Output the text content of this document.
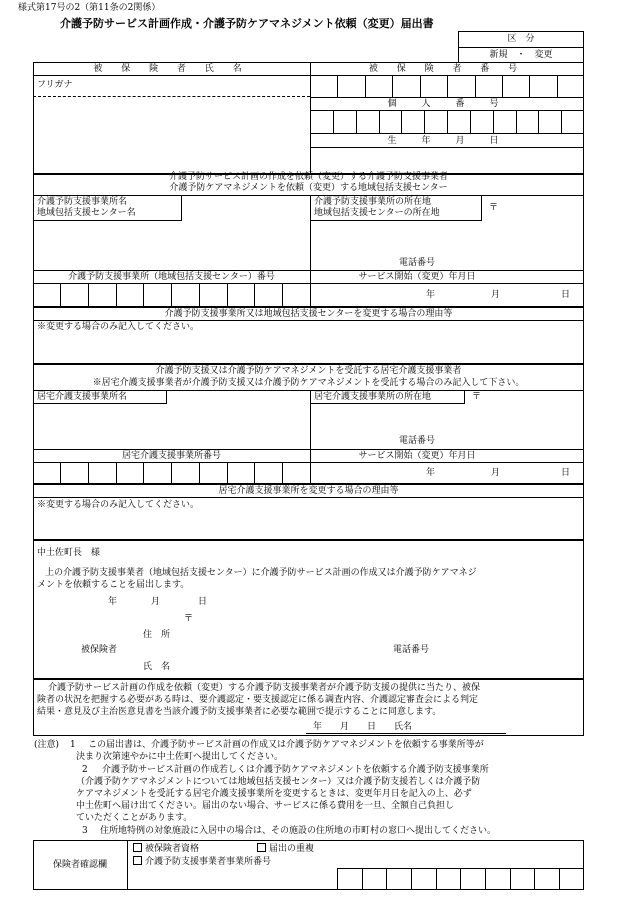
様式第17号の2（第11条の2関係）
介護予防サービス計画作成・介護予防ケアマネジメント依頼（変更）届出書
区　分
新規　・　変更
被 保 険 者 氏 名	被 保 険 者 番 号
フリガナ
個　人　番　号
生　年　月　日
介護予防サービス計画の作成を依頼（変更）する介護予防支援事業者
介護予防ケアマネジメントを依頼（変更）する地域包括支援センター
介護予防支援事業所名
地域包括支援センター名
介護予防支援事業所の所在地
地域包括支援センターの所在地	〒
電話番号
介護予防支援事業所（地域包括支援センター）番号	サービス開始（変更）年月日
年	月	日
介護予防支援事業所又は地域包括支援センターを変更する場合の理由等
※変更する場合のみ記入してください。
介護予防支援又は介護予防ケアマネジメントを受託する居宅介護支援事業者
※居宅介護支援事業者が介護予防支援又は介護予防ケアマネジメントを受託する場合のみ記入して下さい。
居宅介護支援事業所名	居宅介護支援事業所の所在地	〒
電話番号
居宅介護支援事業所番号	サービス開始（変更）年月日
年	月	日
居宅介護支援事業所を変更する場合の理由等
※変更する場合のみ記入してください。
中土佐町長　様
上の介護予防支援事業者（地域包括支援センター）に介護予防サービス計画の作成又は介護予防ケアマネジ
メントを依頼することを届出します。
年	月	日
〒
住　所
被保険者	電話番号
氏　名
介護予防サービス計画の作成を依頼（変更）する介護予防支援事業者が介護予防支援の提供に当たり、被保
険者の状況を把握する必要がある時は、要介護認定・要支援認定に係る調査内容、介護認定審査会による判定
結果・意見及び主治医意見書を当該介護予防支援事業者に必要な範囲で提示することに同意します。
年　　月　　日　　氏名
(注意) 1 この届出書は、介護予防サービス計画の作成又は介護予防ケアマネジメントを依頼する事業所等が
決まり次第速やかに中土佐町へ提出してください。
2 介護予防サービス計画の作成若しくは介護予防ケアマネジメントを依頼する介護予防支援事業所
（介護予防ケアマネジメントについては地域包括支援センター）又は介護予防支援若しくは介護予防
ケアマネジメントを受託する居宅介護支援事業所を変更するときは、変更年月日を記入の上、必ず
中土佐町へ届け出てください。届出のない場合、サービスに係る費用を一旦、全額自己負担し
ていただくことがあります。
3 住所地特例の対象施設に入居中の場合は、その施設の住所地の市町村の窓口へ提出してください。
保険者確認欄
被保険者資格	届出の重複
介護予防支援事業者事業所番号
